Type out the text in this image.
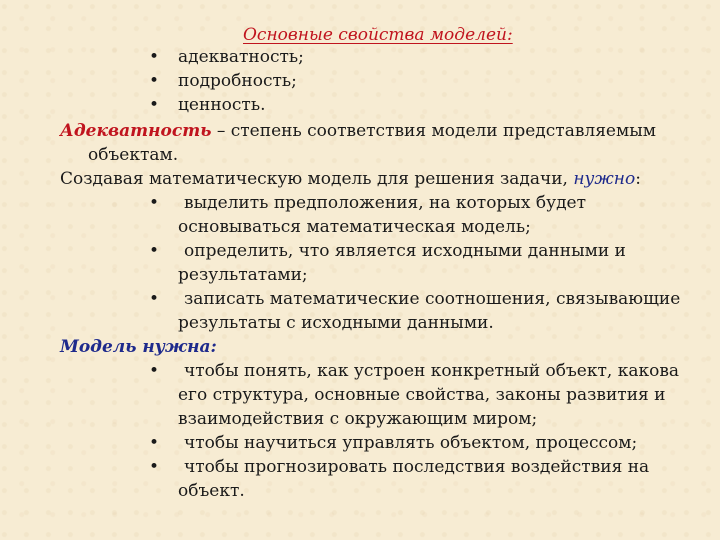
Основные свойства моделей:
• адекватность;
• подробность;
• ценность.
Адекватность – степень соответствия модели представляемым
объектам.
Создавая математическую модель для решения задачи, нужно:
• выделить предположения, на которых будет
основываться математическая модель;
• определить, что является исходными данными и
результатами;
• записать математические соотношения, связывающие
результаты с исходными данными.
Модель нужна:
• чтобы понять, как устроен конкретный объект, какова
его структура, основные свойства, законы развития и
взаимодействия с окружающим миром;
• чтобы научиться управлять объектом, процессом;
• чтобы прогнозировать последствия воздействия на
объект.
